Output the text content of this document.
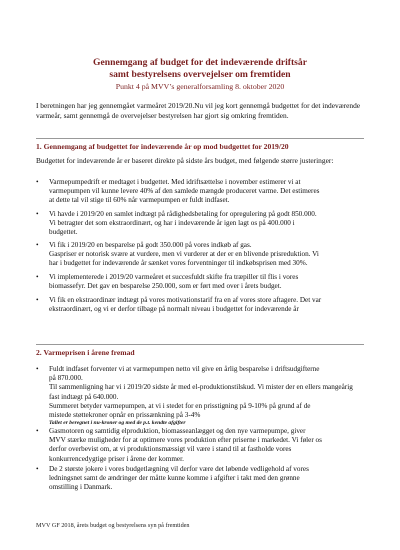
Gennemgang af budget for det indeværende driftsår
samt bestyrelsens overvejelser om fremtiden
Punkt 4 på MVV’s generalforsamling 8. oktober 2020
I beretningen har jeg gennemgået varmeåret 2019/20.Nu vil jeg kort gennemgå budgettet for det indeværende varmeår, samt gennemgå de overvejelser bestyrelsen har gjort sig omkring fremtiden.
1. Gennemgang af budgettet for indeværende år op mod budgettet for 2019/20
Budgettet for indeværende år er baseret direkte på sidste års budget, med følgende større justeringer:
•	Varmepumpedrift er medtaget i budgettet. Med idriftsættelse i november estimerer vi at
varmepumpen vil kunne levere 40% af den samlede mængde produceret varme. Det estimeres
at dette tal vil stige til 60% når varmepumpen er fuldt indfaset.
•	Vi havde i 2019/20 en samlet indtægt på rådighedsbetaling for opregulering på godt 850.000.
Vi betragter det som ekstraordinært, og har i indeværende år igen lagt os på 400.000 i
budgettet.
•	Vi fik i 2019/20 en besparelse på godt 350.000 på vores indkøb af gas.
Gaspriser er notorisk svære at vurdere, men vi vurderer at der er en blivende prisreduktion. Vi
har i budgettet for indeværende år sænket vores forventninger til indkøbsprisen med 30%.
•	Vi implementerede i 2019/20 varmeåret et succesfuldt skifte fra træpiller til flis i vores
biomassefyr. Det gav en besparelse 250.000, som er ført med over i årets budget.
•	Vi fik en ekstraordinær indtægt på vores motivationstarif fra en af vores store aftagere. Det var
ekstraordinært, og vi er derfor tilbage på normalt niveau i budgettet for indeværende år
2. Varmeprisen i årene fremad
•	Fuldt indfaset forventer vi at varmepumpen netto vil give en årlig besparelse i driftsudgifterne
på 870.000.
Til sammenligning har vi i 2019/20 sidste år med el-produktionstilskud. Vi mister der en ellers mangeårig
fast indtægt på 640.000.
Summeret betyder varmepumpen, at vi i stedet for en prisstigning på 9-10% på grund af de
mistede støttekroner opnår en prissænkning på 3-4%
Tallet er beregnet i nu-kroner og med de p.t. kendte afgifter
•	Gasmotoren og samtidig elproduktion, biomasseanlægget og den nye varmepumpe, giver
MVV stærke muligheder for at optimere vores produktion efter priserne i markedet. Vi føler os
derfor overbevist om, at vi produktionsmæssigt vil være i stand til at fastholde vores
konkurrencedygtige priser i årene der kommer.
•	De 2 største jokere i vores budgetlægning vil derfor være det løbende vedligehold af vores
ledningsnet samt de ændringer der måtte kunne komme i afgifter i takt med den grønne
omstilling i Danmark.
MVV GF 2018, årets budget og bestyrelsens syn på fremtiden
